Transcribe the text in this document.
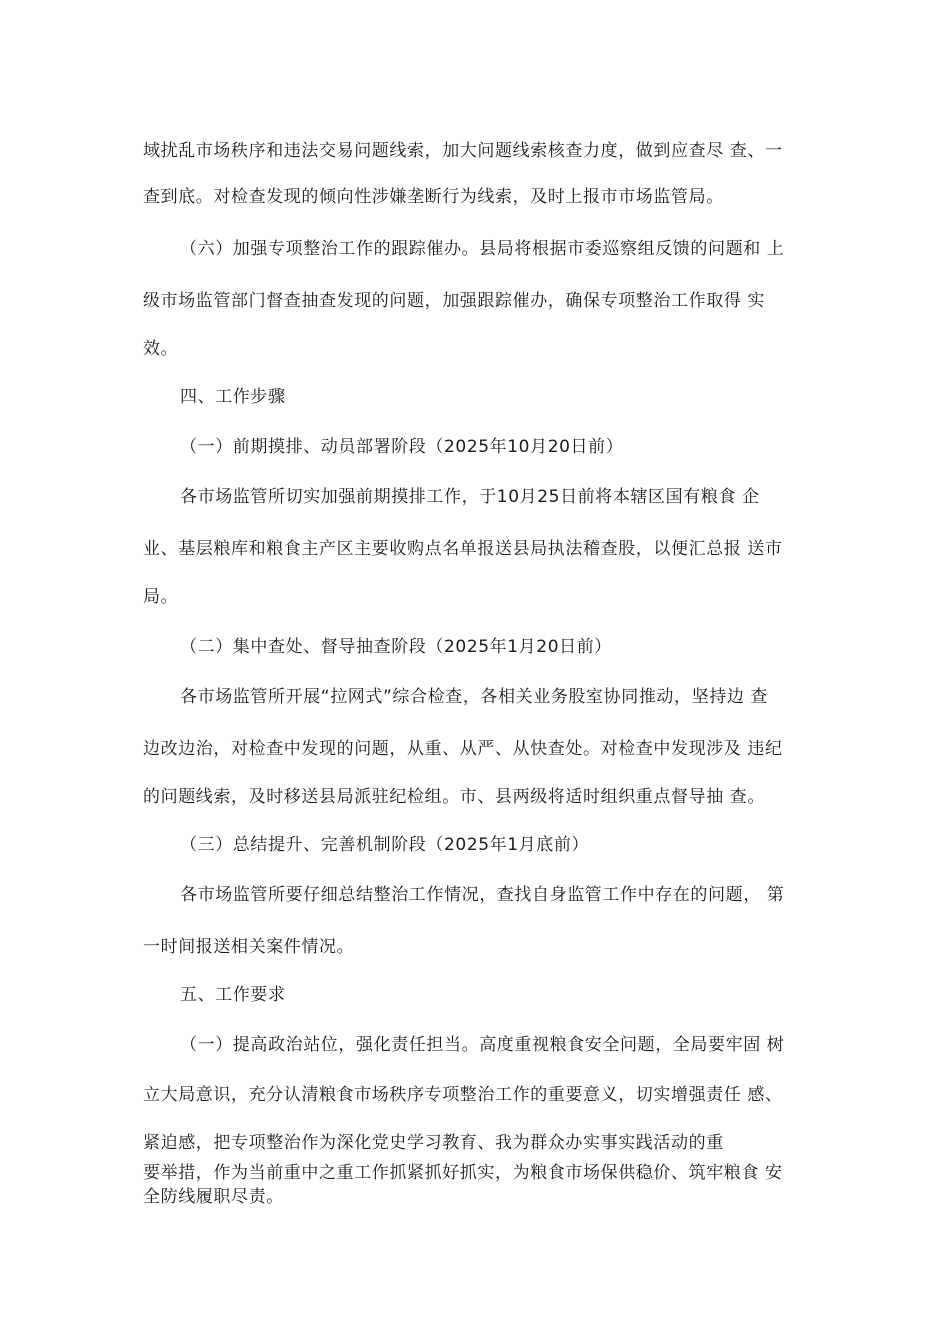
域扰乱市场秩序和违法交易问题线索，加大问题线索核查力度，做到应查尽 查、一
查到底。对检查发现的倾向性涉嫌垄断行为线索，及时上报市市场监管局。
（六）加强专项整治工作的跟踪催办。县局将根据市委巡察组反馈的问题和 上
级市场监管部门督查抽查发现的问题，加强跟踪催办，确保专项整治工作取得 实
效。
四、工作步骤
（一）前期摸排、动员部署阶段（2025年10月20日前）
各市场监管所切实加强前期摸排工作，于10月25日前将本辖区国有粮食 企
业、基层粮库和粮食主产区主要收购点名单报送县局执法稽查股，以便汇总报 送市
局。
（二）集中查处、督导抽查阶段（2025年1月20日前）
各市场监管所开展“拉网式”综合检查，各相关业务股室协同推动，坚持边 查
边改边治，对检查中发现的问题，从重、从严、从快查处。对检查中发现涉及 违纪
的问题线索，及时移送县局派驻纪检组。市、县两级将适时组织重点督导抽 查。
（三）总结提升、完善机制阶段（2025年1月底前）
各市场监管所要仔细总结整治工作情况，查找自身监管工作中存在的问题， 第
一时间报送相关案件情况。
五、工作要求
（一）提高政治站位，强化责任担当。高度重视粮食安全问题，全局要牢固 树
立大局意识，充分认清粮食市场秩序专项整治工作的重要意义，切实增强责任 感、
紧迫感，把专项整治作为深化党史学习教育、我为群众办实事实践活动的重
要举措，作为当前重中之重工作抓紧抓好抓实，为粮食市场保供稳价、筑牢粮食 安
全防线履职尽责。
